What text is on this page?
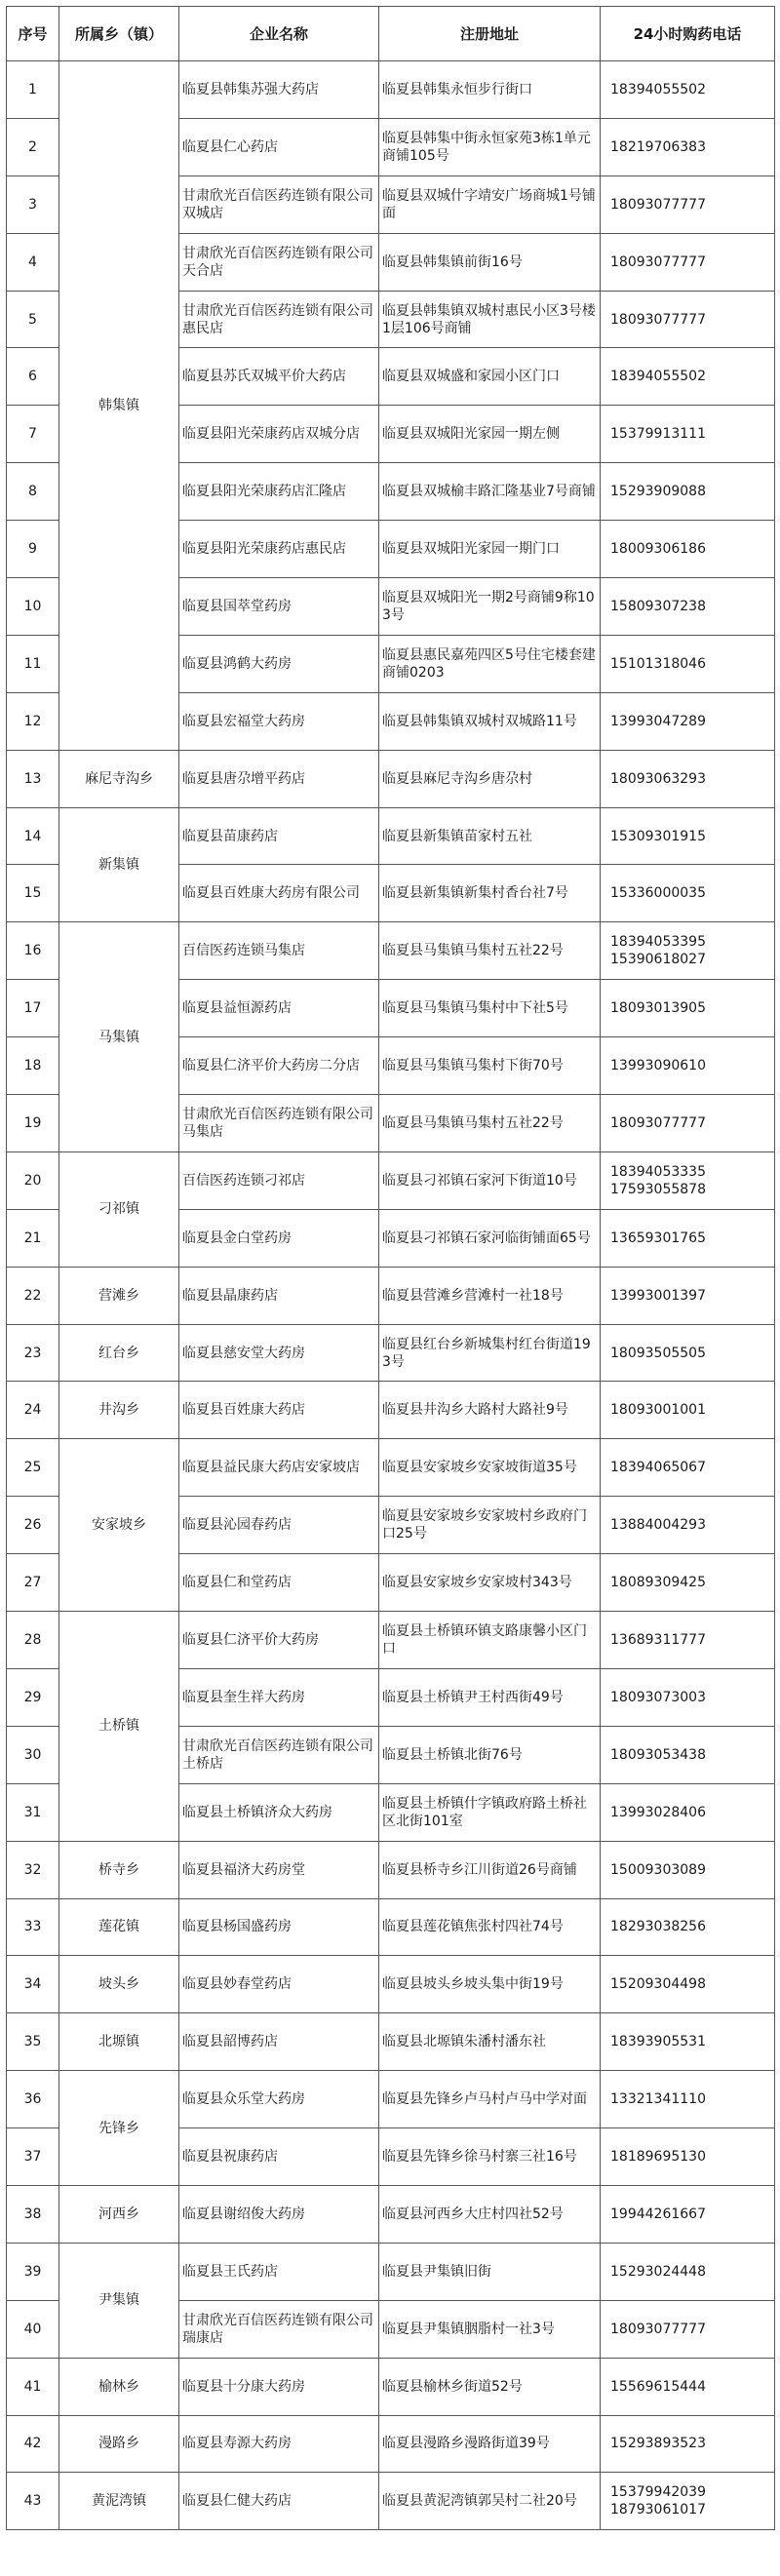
序号	所属乡（镇）	企业名称	注册地址	24小时购药电话
1	韩集镇	临夏县韩集苏强大药店	临夏县韩集永恒步行街口	18394055502
2		临夏县仁心药店	临夏县韩集中街永恒家苑3栋1单元商铺105号	18219706383
3		甘肃欣光百信医药连锁有限公司双城店	临夏县双城什字靖安广场商城1号铺面	18093077777
4		甘肃欣光百信医药连锁有限公司天合店	临夏县韩集镇前街16号	18093077777
5		甘肃欣光百信医药连锁有限公司惠民店	临夏县韩集镇双城村惠民小区3号楼1层106号商铺	18093077777
6		临夏县苏氏双城平价大药店	临夏县双城盛和家园小区门口	18394055502
7		临夏县阳光荣康药店双城分店	临夏县双城阳光家园一期左侧	15379913111
8		临夏县阳光荣康药店汇隆店	临夏县双城榆丰路汇隆基业7号商铺	15293909088
9		临夏县阳光荣康药店惠民店	临夏县双城阳光家园一期门口	18009306186
10		临夏县国萃堂药房	临夏县双城阳光一期2号商铺9称103号	15809307238
11		临夏县鸿鹤大药房	临夏县惠民嘉苑四区5号住宅楼套建商铺0203	15101318046
12		临夏县宏福堂大药房	临夏县韩集镇双城村双城路11号	13993047289
13	麻尼寺沟乡	临夏县唐尕增平药店	临夏县麻尼寺沟乡唐尕村	18093063293
14	新集镇	临夏县苗康药店	临夏县新集镇苗家村五社	15309301915
15		临夏县百姓康大药房有限公司	临夏县新集镇新集村香台社7号	15336000035
16	马集镇	百信医药连锁马集店	临夏县马集镇马集村五社22号	18394053395
15390618027
17		临夏县益恒源药店	临夏县马集镇马集村中下社5号	18093013905
18		临夏县仁济平价大药房二分店	临夏县马集镇马集村下街70号	13993090610
19		甘肃欣光百信医药连锁有限公司马集店	临夏县马集镇马集村五社22号	18093077777
20	刁祁镇	百信医药连锁刁祁店	临夏县刁祁镇石家河下街道10号	18394053335
17593055878
21		临夏县金白堂药房	临夏县刁祁镇石家河临街铺面65号	13659301765
22	营滩乡	临夏县晶康药店	临夏县营滩乡营滩村一社18号	13993001397
23	红台乡	临夏县慈安堂大药房	临夏县红台乡新城集村红台街道193号	18093505505
24	井沟乡	临夏县百姓康大药店	临夏县井沟乡大路村大路社9号	18093001001
25	安家坡乡	临夏县益民康大药店安家坡店	临夏县安家坡乡安家坡街道35号	18394065067
26		临夏县沁园春药店	临夏县安家坡乡安家坡村乡政府门口25号	13884004293
27		临夏县仁和堂药店	临夏县安家坡乡安家坡村343号	18089309425
28	土桥镇	临夏县仁济平价大药房	临夏县土桥镇环镇支路康馨小区门口	13689311777
29		临夏县奎生祥大药房	临夏县土桥镇尹王村西街49号	18093073003
30		甘肃欣光百信医药连锁有限公司土桥店	临夏县土桥镇北街76号	18093053438
31		临夏县土桥镇济众大药房	临夏县土桥镇什字镇政府路土桥社区北街101室	13993028406
32	桥寺乡	临夏县福济大药房堂	临夏县桥寺乡江川街道26号商铺	15009303089
33	莲花镇	临夏县杨国盛药房	临夏县莲花镇焦张村四社74号	18293038256
34	坡头乡	临夏县妙春堂药店	临夏县坡头乡坡头集中街19号	15209304498
35	北塬镇	临夏县韶博药店	临夏县北塬镇朱潘村潘东社	18393905531
36	先锋乡	临夏县众乐堂大药房	临夏县先锋乡卢马村卢马中学对面	13321341110
37		临夏县祝康药店	临夏县先锋乡徐马村寨三社16号	18189695130
38	河西乡	临夏县谢绍俊大药房	临夏县河西乡大庄村四社52号	19944261667
39	尹集镇	临夏县王氏药店	临夏县尹集镇旧街	15293024448
40		甘肃欣光百信医药连锁有限公司瑞康店	临夏县尹集镇胭脂村一社3号	18093077777
41	榆林乡	临夏县十分康大药房	临夏县榆林乡街道52号	15569615444
42	漫路乡	临夏县寿源大药房	临夏县漫路乡漫路街道39号	15293893523
43	黄泥湾镇	临夏县仁健大药店	临夏县黄泥湾镇郭吴村二社20号	15379942039
18793061017
